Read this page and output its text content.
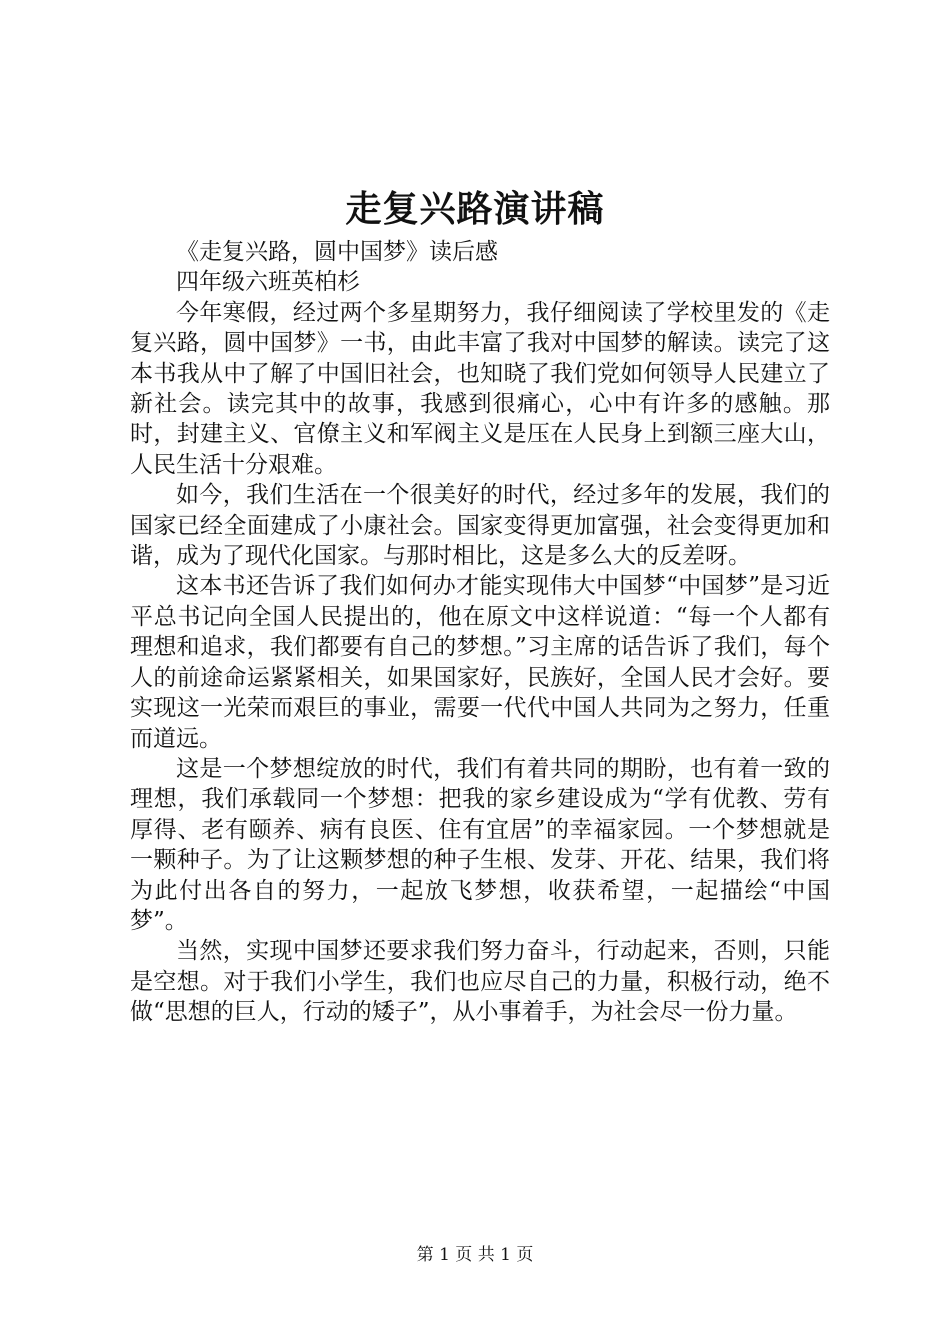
走复兴路演讲稿

《走复兴路，圆中国梦》读后感

四年级六班英柏杉

今年寒假，经过两个多星期努力，我仔细阅读了学校里发的《走复兴路，圆中国梦》一书，由此丰富了我对中国梦的解读。读完了这本书我从中了解了中国旧社会，也知晓了我们党如何领导人民建立了新社会。读完其中的故事，我感到很痛心，心中有许多的感触。那时，封建主义、官僚主义和军阀主义是压在人民身上到额三座大山，人民生活十分艰难。

如今，我们生活在一个很美好的时代，经过多年的发展，我们的国家已经全面建成了小康社会。国家变得更加富强，社会变得更加和谐，成为了现代化国家。与那时相比，这是多么大的反差呀。

这本书还告诉了我们如何办才能实现伟大中国梦“中国梦”是习近平总书记向全国人民提出的，他在原文中这样说道：“每一个人都有理想和追求，我们都要有自己的梦想。”习主席的话告诉了我们，每个人的前途命运紧紧相关，如果国家好，民族好，全国人民才会好。要实现这一光荣而艰巨的事业，需要一代代中国人共同为之努力，任重而道远。

这是一个梦想绽放的时代，我们有着共同的期盼，也有着一致的理想，我们承载同一个梦想：把我的家乡建设成为“学有优教、劳有厚得、老有颐养、病有良医、住有宜居”的幸福家园。一个梦想就是一颗种子。为了让这颗梦想的种子生根、发芽、开花、结果，我们将为此付出各自的努力，一起放飞梦想，收获希望，一起描绘“中国梦”。

当然，实现中国梦还要求我们努力奋斗，行动起来，否则，只能是空想。对于我们小学生，我们也应尽自己的力量，积极行动，绝不做“思想的巨人，行动的矮子”，从小事着手，为社会尽一份力量。

第 1 页 共 1 页
